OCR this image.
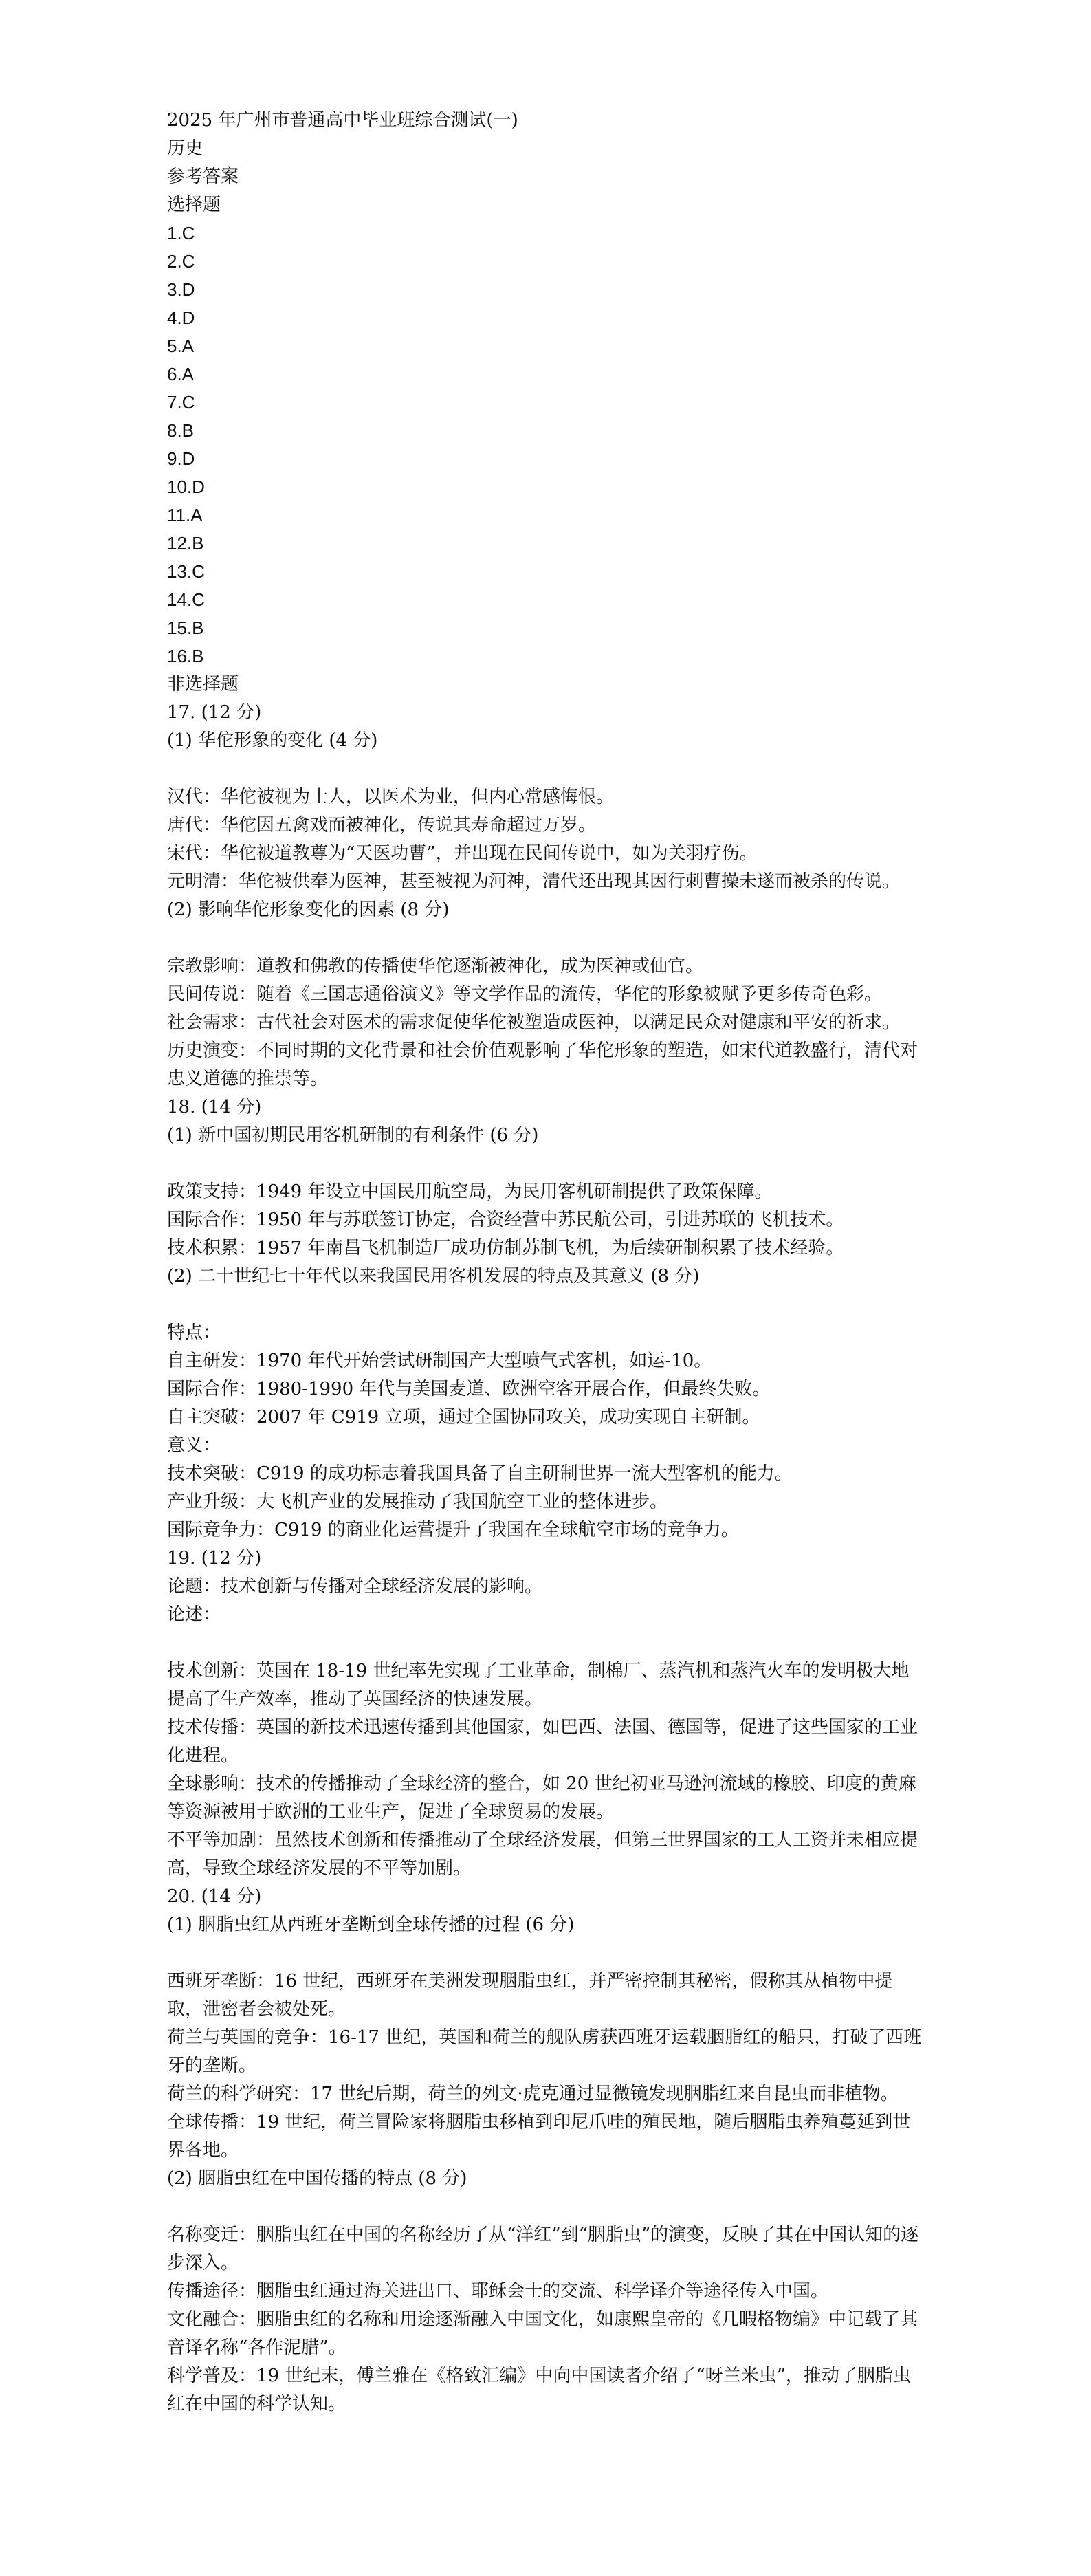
2025 年广州市普通高中毕业班综合测试(一)
历史
参考答案
选择题
1.C
2.C
3.D
4.D
5.A
6.A
7.C
8.B
9.D
10.D
11.A
12.B
13.C
14.C
15.B
16.B
非选择题
17. (12 分)
(1) 华佗形象的变化 (4 分)
汉代：华佗被视为士人，以医术为业，但内心常感悔恨。
唐代：华佗因五禽戏而被神化，传说其寿命超过万岁。
宋代：华佗被道教尊为“天医功曹”，并出现在民间传说中，如为关羽疗伤。
元明清：华佗被供奉为医神，甚至被视为河神，清代还出现其因行刺曹操未遂而被杀的传说。
(2) 影响华佗形象变化的因素 (8 分)
宗教影响：道教和佛教的传播使华佗逐渐被神化，成为医神或仙官。
民间传说：随着《三国志通俗演义》等文学作品的流传，华佗的形象被赋予更多传奇色彩。
社会需求：古代社会对医术的需求促使华佗被塑造成医神，以满足民众对健康和平安的祈求。
历史演变：不同时期的文化背景和社会价值观影响了华佗形象的塑造，如宋代道教盛行，清代对忠义道德的推崇等。
18. (14 分)
(1) 新中国初期民用客机研制的有利条件 (6 分)
政策支持：1949 年设立中国民用航空局，为民用客机研制提供了政策保障。
国际合作：1950 年与苏联签订协定，合资经营中苏民航公司，引进苏联的飞机技术。
技术积累：1957 年南昌飞机制造厂成功仿制苏制飞机，为后续研制积累了技术经验。
(2) 二十世纪七十年代以来我国民用客机发展的特点及其意义 (8 分)
特点：
自主研发：1970 年代开始尝试研制国产大型喷气式客机，如运-10。
国际合作：1980-1990 年代与美国麦道、欧洲空客开展合作，但最终失败。
自主突破：2007 年 C919 立项，通过全国协同攻关，成功实现自主研制。
意义：
技术突破：C919 的成功标志着我国具备了自主研制世界一流大型客机的能力。
产业升级：大飞机产业的发展推动了我国航空工业的整体进步。
国际竞争力：C919 的商业化运营提升了我国在全球航空市场的竞争力。
19. (12 分)
论题：技术创新与传播对全球经济发展的影响。
论述：
技术创新：英国在 18-19 世纪率先实现了工业革命，制棉厂、蒸汽机和蒸汽火车的发明极大地提高了生产效率，推动了英国经济的快速发展。
技术传播：英国的新技术迅速传播到其他国家，如巴西、法国、德国等，促进了这些国家的工业化进程。
全球影响：技术的传播推动了全球经济的整合，如 20 世纪初亚马逊河流域的橡胶、印度的黄麻等资源被用于欧洲的工业生产，促进了全球贸易的发展。
不平等加剧：虽然技术创新和传播推动了全球经济发展，但第三世界国家的工人工资并未相应提高，导致全球经济发展的不平等加剧。
20. (14 分)
(1) 胭脂虫红从西班牙垄断到全球传播的过程 (6 分)
西班牙垄断：16 世纪，西班牙在美洲发现胭脂虫红，并严密控制其秘密，假称其从植物中提取，泄密者会被处死。
荷兰与英国的竞争：16-17 世纪，英国和荷兰的舰队虏获西班牙运载胭脂红的船只，打破了西班牙的垄断。
荷兰的科学研究：17 世纪后期，荷兰的列文·虎克通过显微镜发现胭脂红来自昆虫而非植物。
全球传播：19 世纪，荷兰冒险家将胭脂虫移植到印尼爪哇的殖民地，随后胭脂虫养殖蔓延到世界各地。
(2) 胭脂虫红在中国传播的特点 (8 分)
名称变迁：胭脂虫红在中国的名称经历了从“洋红”到“胭脂虫”的演变，反映了其在中国认知的逐步深入。
传播途径：胭脂虫红通过海关进出口、耶稣会士的交流、科学译介等途径传入中国。
文化融合：胭脂虫红的名称和用途逐渐融入中国文化，如康熙皇帝的《几暇格物编》中记载了其音译名称“各作泥腊”。
科学普及：19 世纪末，傅兰雅在《格致汇编》中向中国读者介绍了“呀兰米虫”，推动了胭脂虫红在中国的科学认知。
